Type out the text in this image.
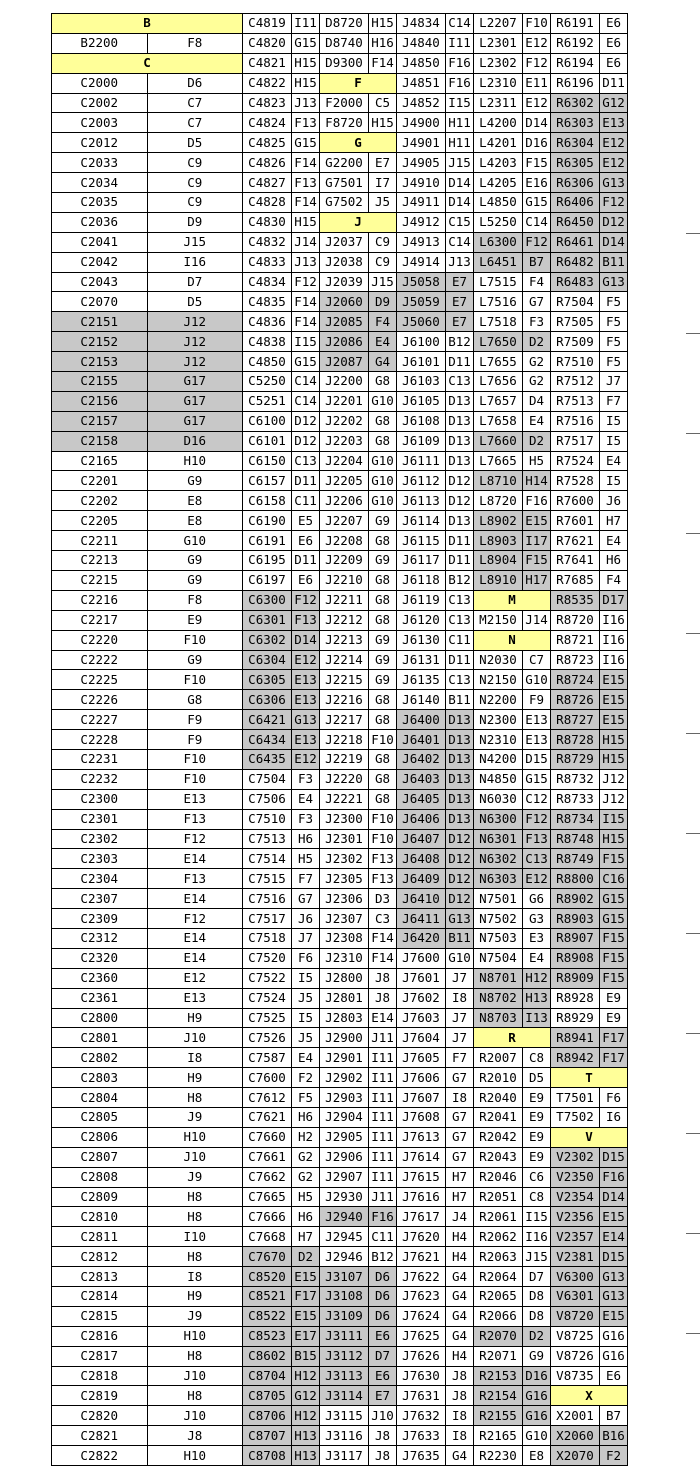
B		C4819	I11	D8720	H15	J4834	C14	L2207	F10	R6191	E6
B2200	F8	C4820	G15	D8740	H16	J4840	I11	L2301	E12	R6192	E6
C		C4821	H15	D9300	F14	J4850	F16	L2302	F12	R6194	E6
C2000	D6	C4822	H15	F		J4851	F16	L2310	E11	R6196	D11
C2002	C7	C4823	J13	F2000	C5	J4852	I15	L2311	E12	R6302	G12
C2003	C7	C4824	F13	F8720	H15	J4900	H11	L4200	D14	R6303	E13
C2012	D5	C4825	G15	G		J4901	H11	L4201	D16	R6304	E12
C2033	C9	C4826	F14	G2200	E7	J4905	J15	L4203	F15	R6305	E12
C2034	C9	C4827	F13	G7501	I7	J4910	D14	L4205	E16	R6306	G13
C2035	C9	C4828	F14	G7502	J5	J4911	D14	L4850	G15	R6406	F12
C2036	D9	C4830	H15	J		J4912	C15	L5250	C14	R6450	D12
C2041	J15	C4832	J14	J2037	C9	J4913	C14	L6300	F12	R6461	D14
C2042	I16	C4833	J13	J2038	C9	J4914	J13	L6451	B7	R6482	B11
C2043	D7	C4834	F12	J2039	J15	J5058	E7	L7515	F4	R6483	G13
C2070	D5	C4835	F14	J2060	D9	J5059	E7	L7516	G7	R7504	F5
C2151	J12	C4836	F14	J2085	F4	J5060	E7	L7518	F3	R7505	F5
C2152	J12	C4838	I15	J2086	E4	J6100	B12	L7650	D2	R7509	F5
C2153	J12	C4850	G15	J2087	G4	J6101	D11	L7655	G2	R7510	F5
C2155	G17	C5250	C14	J2200	G8	J6103	C13	L7656	G2	R7512	J7
C2156	G17	C5251	C14	J2201	G10	J6105	D13	L7657	D4	R7513	F7
C2157	G17	C6100	D12	J2202	G8	J6108	D13	L7658	E4	R7516	I5
C2158	D16	C6101	D12	J2203	G8	J6109	D13	L7660	D2	R7517	I5
C2165	H10	C6150	C13	J2204	G10	J6111	D13	L7665	H5	R7524	E4
C2201	G9	C6157	D11	J2205	G10	J6112	D12	L8710	H14	R7528	I5
C2202	E8	C6158	C11	J2206	G10	J6113	D12	L8720	F16	R7600	J6
C2205	E8	C6190	E5	J2207	G9	J6114	D13	L8902	E15	R7601	H7
C2211	G10	C6191	E6	J2208	G8	J6115	D11	L8903	I17	R7621	E4
C2213	G9	C6195	D11	J2209	G9	J6117	D11	L8904	F15	R7641	H6
C2215	G9	C6197	E6	J2210	G8	J6118	B12	L8910	H17	R7685	F4
C2216	F8	C6300	F12	J2211	G8	J6119	C13	M		R8535	D17
C2217	E9	C6301	F13	J2212	G8	J6120	C13	M2150	J14	R8720	I16
C2220	F10	C6302	D14	J2213	G9	J6130	C11	N		R8721	I16
C2222	G9	C6304	E12	J2214	G9	J6131	D11	N2030	C7	R8723	I16
C2225	F10	C6305	E13	J2215	G9	J6135	C13	N2150	G10	R8724	E15
C2226	G8	C6306	E13	J2216	G8	J6140	B11	N2200	F9	R8726	E15
C2227	F9	C6421	G13	J2217	G8	J6400	D13	N2300	E13	R8727	E15
C2228	F9	C6434	E13	J2218	F10	J6401	D13	N2310	E13	R8728	H15
C2231	F10	C6435	E12	J2219	G8	J6402	D13	N4200	D15	R8729	H15
C2232	F10	C7504	F3	J2220	G8	J6403	D13	N4850	G15	R8732	J12
C2300	E13	C7506	E4	J2221	G8	J6405	D13	N6030	C12	R8733	J12
C2301	F13	C7510	F3	J2300	F10	J6406	D13	N6300	F12	R8734	I15
C2302	F12	C7513	H6	J2301	F10	J6407	D12	N6301	F13	R8748	H15
C2303	E14	C7514	H5	J2302	F13	J6408	D12	N6302	C13	R8749	F15
C2304	F13	C7515	F7	J2305	F13	J6409	D12	N6303	E12	R8800	C16
C2307	E14	C7516	G7	J2306	D3	J6410	D12	N7501	G6	R8902	G15
C2309	F12	C7517	J6	J2307	C3	J6411	G13	N7502	G3	R8903	G15
C2312	E14	C7518	J7	J2308	F14	J6420	B11	N7503	E3	R8907	F15
C2320	E14	C7520	F6	J2310	F14	J7600	G10	N7504	E4	R8908	F15
C2360	E12	C7522	I5	J2800	J8	J7601	J7	N8701	H12	R8909	F15
C2361	E13	C7524	J5	J2801	J8	J7602	I8	N8702	H13	R8928	E9
C2800	H9	C7525	I5	J2803	E14	J7603	J7	N8703	I13	R8929	E9
C2801	J10	C7526	J5	J2900	J11	J7604	J7	R		R8941	F17
C2802	I8	C7587	E4	J2901	I11	J7605	F7	R2007	C8	R8942	F17
C2803	H9	C7600	F2	J2902	I11	J7606	G7	R2010	D5	T	
C2804	H8	C7612	F5	J2903	I11	J7607	I8	R2040	E9	T7501	F6
C2805	J9	C7621	H6	J2904	I11	J7608	G7	R2041	E9	T7502	I6
C2806	H10	C7660	H2	J2905	I11	J7613	G7	R2042	E9	V	
C2807	J10	C7661	G2	J2906	I11	J7614	G7	R2043	E9	V2302	D15
C2808	J9	C7662	G2	J2907	I11	J7615	H7	R2046	C6	V2350	F16
C2809	H8	C7665	H5	J2930	J11	J7616	H7	R2051	C8	V2354	D14
C2810	H8	C7666	H6	J2940	F16	J7617	J4	R2061	I15	V2356	E15
C2811	I10	C7668	H7	J2945	C11	J7620	H4	R2062	I16	V2357	E14
C2812	H8	C7670	D2	J2946	B12	J7621	H4	R2063	J15	V2381	D15
C2813	I8	C8520	E15	J3107	D6	J7622	G4	R2064	D7	V6300	G13
C2814	H9	C8521	F17	J3108	D6	J7623	G4	R2065	D8	V6301	G13
C2815	J9	C8522	E15	J3109	D6	J7624	G4	R2066	D8	V8720	E15
C2816	H10	C8523	E17	J3111	E6	J7625	G4	R2070	D2	V8725	G16
C2817	H8	C8602	B15	J3112	D7	J7626	H4	R2071	G9	V8726	G16
C2818	J10	C8704	H12	J3113	E6	J7630	J8	R2153	D16	V8735	E6
C2819	H8	C8705	G12	J3114	E7	J7631	J8	R2154	G16	X	
C2820	J10	C8706	H12	J3115	J10	J7632	I8	R2155	G16	X2001	B7
C2821	J8	C8707	H13	J3116	J8	J7633	I8	R2165	G10	X2060	B16
C2822	H10	C8708	H13	J3117	J8	J7635	G4	R2230	E8	X2070	F2
